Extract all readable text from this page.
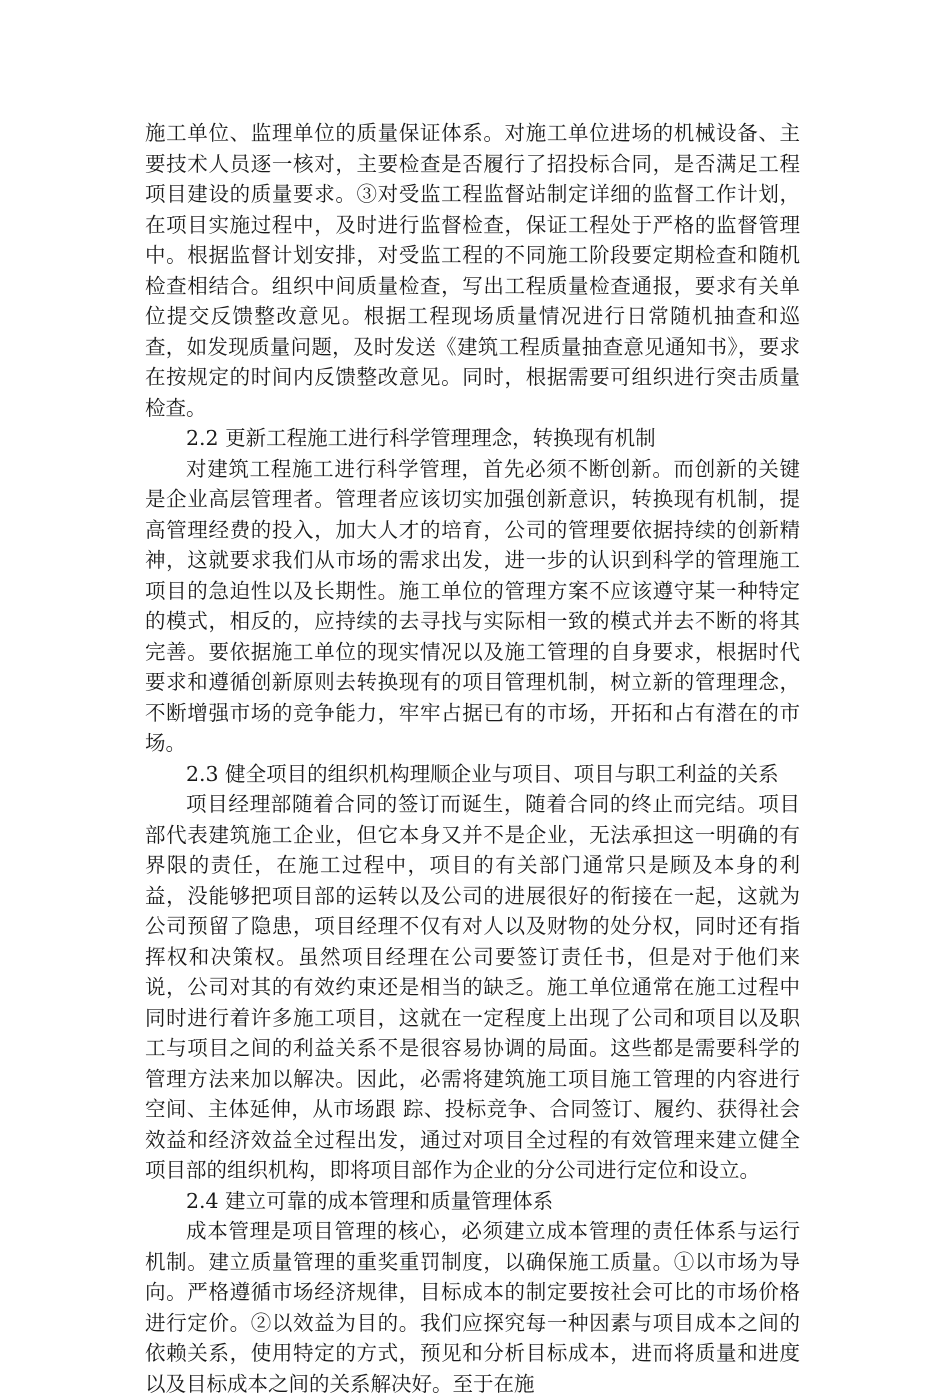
施工单位、监理单位的质量保证体系。对施工单位进场的机械设备、主要技术人员逐一核对，主要检查是否履行了招投标合同，是否满足工程项目建设的质量要求。③对受监工程监督站制定详细的监督工作计划，在项目实施过程中，及时进行监督检查，保证工程处于严格的监督管理中。根据监督计划安排，对受监工程的不同施工阶段要定期检查和随机检查相结合。组织中间质量检查，写出工程质量检查通报，要求有关单位提交反馈整改意见。根据工程现场质量情况进行日常随机抽查和巡查，如发现质量问题，及时发送《建筑工程质量抽查意见通知书》，要求在按规定的时间内反馈整改意见。同时，根据需要可组织进行突击质量检查。

2.2 更新工程施工进行科学管理理念，转换现有机制

对建筑工程施工进行科学管理，首先必须不断创新。而创新的关键是企业高层管理者。管理者应该切实加强创新意识，转换现有机制，提高管理经费的投入，加大人才的培育，公司的管理要依据持续的创新精神，这就要求我们从市场的需求出发，进一步的认识到科学的管理施工项目的急迫性以及长期性。施工单位的管理方案不应该遵守某一种特定的模式，相反的，应持续的去寻找与实际相一致的模式并去不断的将其完善。要依据施工单位的现实情况以及施工管理的自身要求，根据时代要求和遵循创新原则去转换现有的项目管理机制，树立新的管理理念，不断增强市场的竞争能力，牢牢占据已有的市场，开拓和占有潜在的市场。

2.3 健全项目的组织机构理顺企业与项目、项目与职工利益的关系

项目经理部随着合同的签订而诞生，随着合同的终止而完结。项目部代表建筑施工企业，但它本身又并不是企业，无法承担这一明确的有界限的责任，在施工过程中，项目的有关部门通常只是顾及本身的利益，没能够把项目部的运转以及公司的进展很好的衔接在一起，这就为公司预留了隐患，项目经理不仅有对人以及财物的处分权，同时还有指挥权和决策权。虽然项目经理在公司要签订责任书，但是对于他们来说，公司对其的有效约束还是相当的缺乏。施工单位通常在施工过程中同时进行着许多施工项目，这就在一定程度上出现了公司和项目以及职工与项目之间的利益关系不是很容易协调的局面。这些都是需要科学的管理方法来加以解决。因此，必需将建筑施工项目施工管理的内容进行空间、主体延伸，从市场跟 踪、投标竞争、合同签订、履约、获得社会效益和经济效益全过程出发，通过对项目全过程的有效管理来建立健全项目部的组织机构，即将项目部作为企业的分公司进行定位和设立。

2.4 建立可靠的成本管理和质量管理体系

成本管理是项目管理的核心，必须建立成本管理的责任体系与运行机制。建立质量管理的重奖重罚制度，以确保施工质量。①以市场为导向。严格遵循市场经济规律，目标成本的制定要按社会可比的市场价格进行定价。②以效益为目的。我们应探究每一种因素与项目成本之间的依赖关系，使用特定的方式，预见和分析目标成本，进而将质量和进度以及目标成本之间的关系解决好。至于在施
